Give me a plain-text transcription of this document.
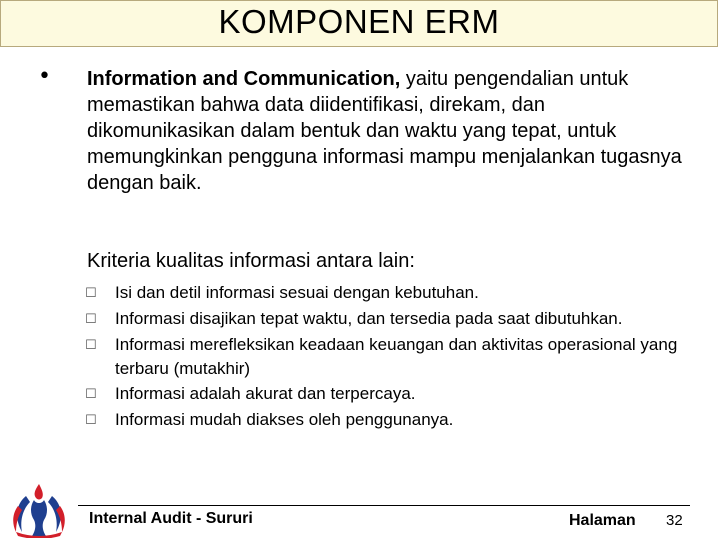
KOMPONEN ERM
• Information and Communication, yaitu pengendalian untuk memastikan bahwa data diidentifikasi, direkam, dan dikomunikasikan dalam bentuk dan waktu yang tepat, untuk memungkinkan pengguna informasi mampu menjalankan tugasnya dengan baik.
Kriteria kualitas informasi antara lain:
☐	Isi dan detil informasi sesuai dengan kebutuhan.
☐	Informasi disajikan tepat waktu, dan tersedia pada saat dibutuhkan.
☐	Informasi merefleksikan keadaan keuangan dan aktivitas operasional yang terbaru (mutakhir)
☐	Informasi adalah akurat dan terpercaya.
☐	Informasi mudah diakses oleh penggunanya.
Internal Audit - Sururi	Halaman 32
